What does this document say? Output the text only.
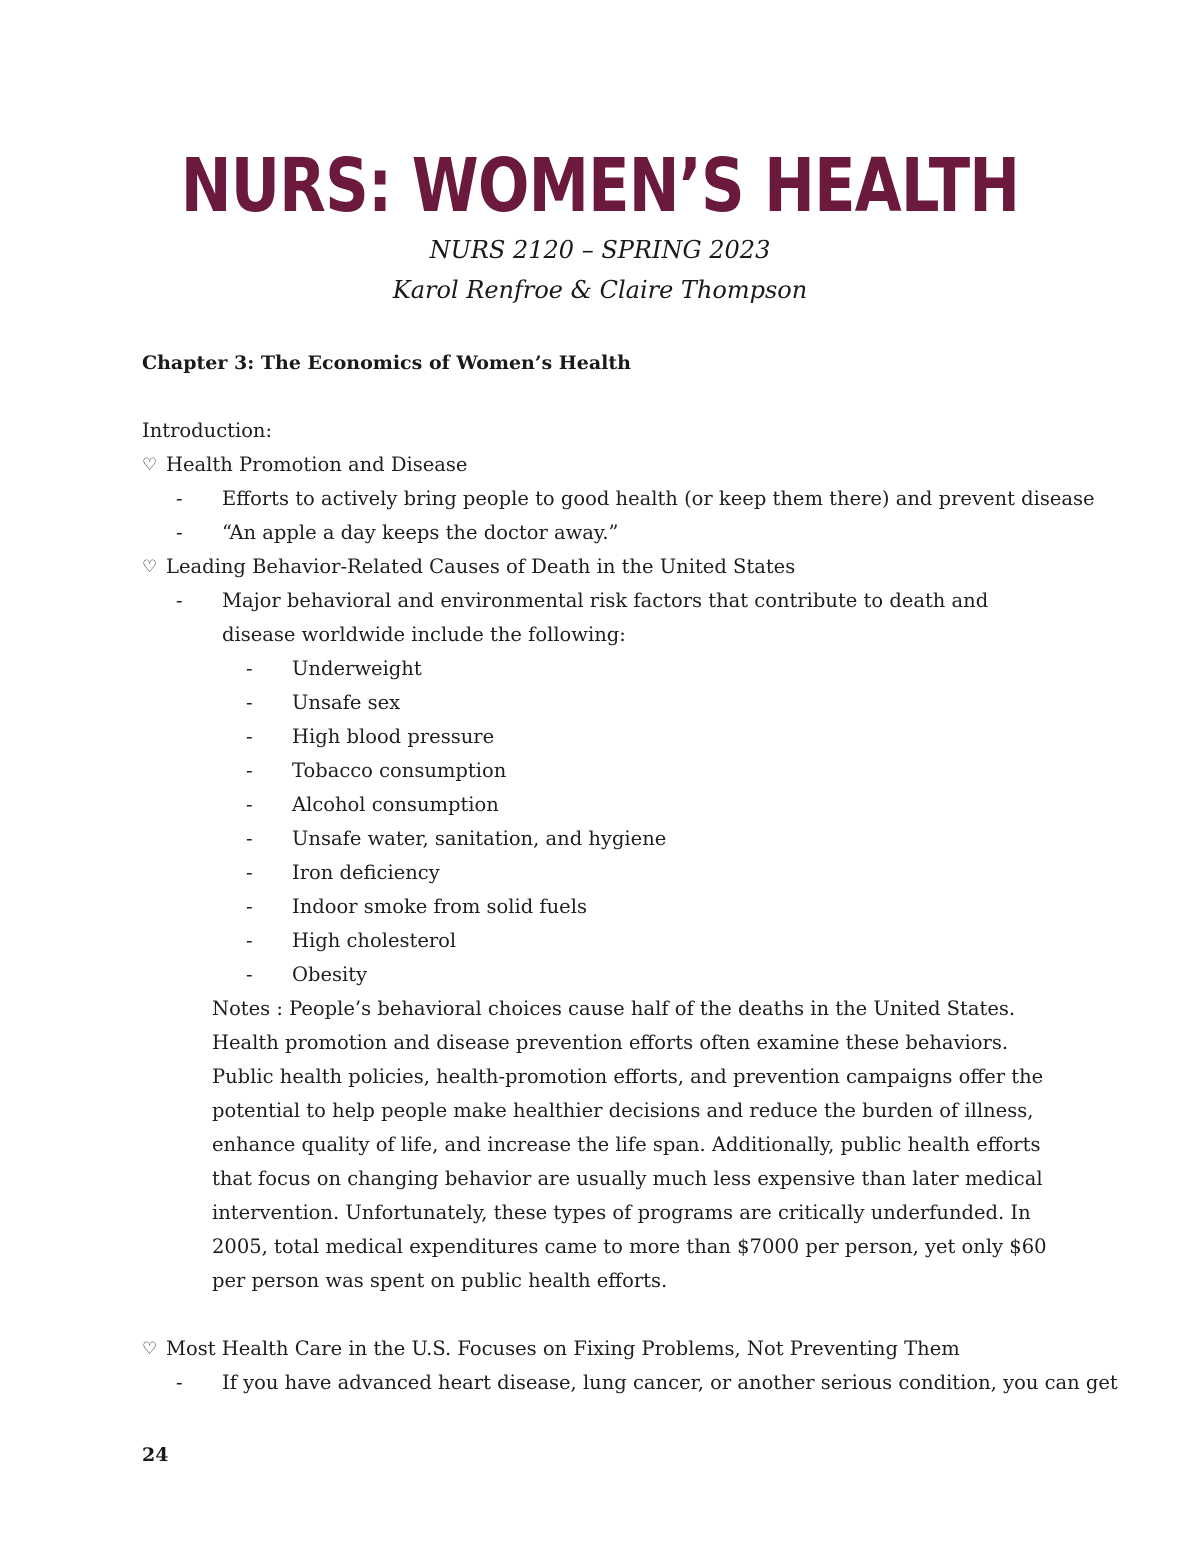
NURS: WOMEN’S HEALTH
NURS 2120 – SPRING 2023
Karol Renfroe & Claire Thompson
Chapter 3: The Economics of Women’s Health
Introduction:
♡ Health Promotion and Disease
-	Efforts to actively bring people to good health (or keep them there) and prevent disease
-	“An apple a day keeps the doctor away.”
♡ Leading Behavior-Related Causes of Death in the United States
-	Major behavioral and environmental risk factors that contribute to death and disease worldwide include the following:
-	Underweight
-	Unsafe sex
-	High blood pressure
-	Tobacco consumption
-	Alcohol consumption
-	Unsafe water, sanitation, and hygiene
-	Iron deficiency
-	Indoor smoke from solid fuels
-	High cholesterol
-	Obesity
Notes : People’s behavioral choices cause half of the deaths in the United States. Health promotion and disease prevention efforts often examine these behaviors. Public health policies, health-promotion efforts, and prevention campaigns offer the potential to help people make healthier decisions and reduce the burden of illness, enhance quality of life, and increase the life span. Additionally, public health efforts that focus on changing behavior are usually much less expensive than later medical intervention. Unfortunately, these types of programs are critically underfunded. In 2005, total medical expenditures came to more than $7000 per person, yet only $60 per person was spent on public health efforts.
♡ Most Health Care in the U.S. Focuses on Fixing Problems, Not Preventing Them
-	If you have advanced heart disease, lung cancer, or another serious condition, you can get
24
